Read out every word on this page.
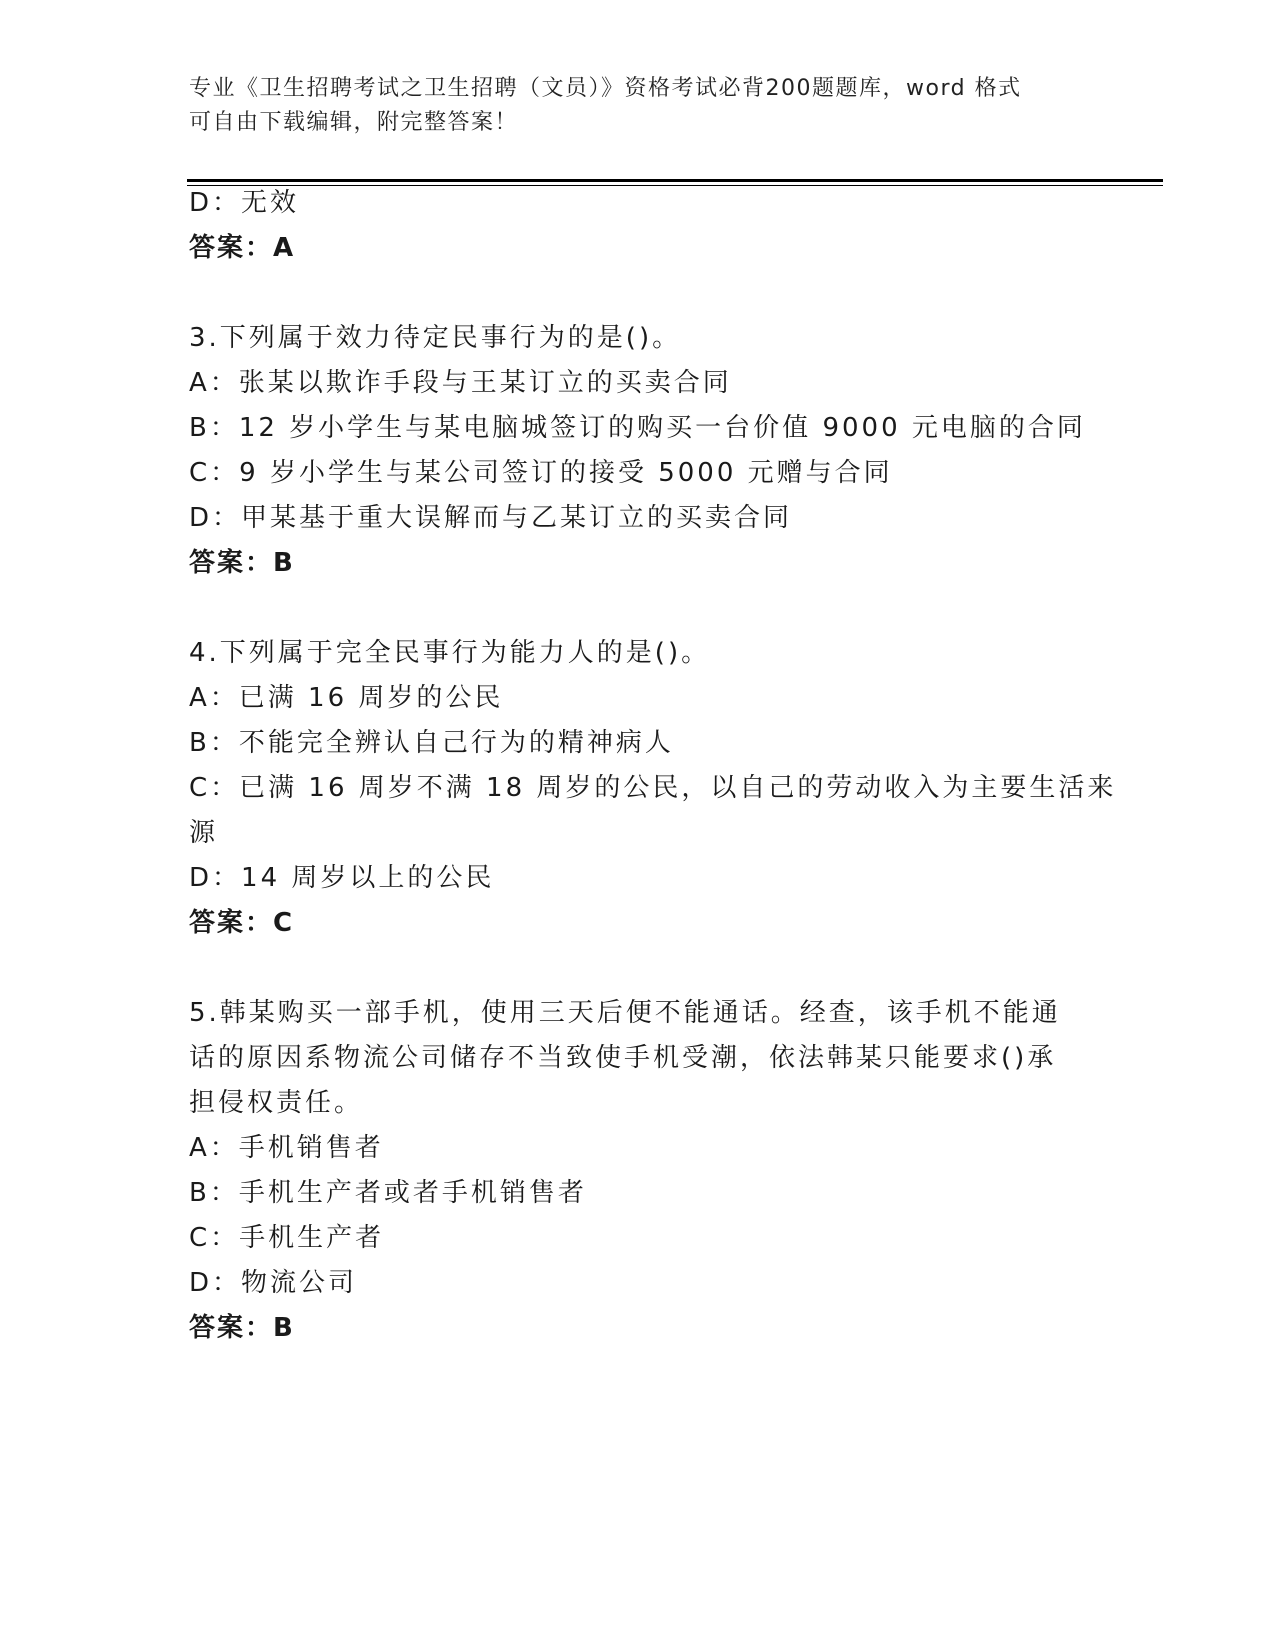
专业《卫生招聘考试之卫生招聘（文员）》资格考试必背200题题库，word 格式
可自由下载编辑，附完整答案！
D：无效
答案：A
3.下列属于效力待定民事行为的是()。
A：张某以欺诈手段与王某订立的买卖合同
B：12 岁小学生与某电脑城签订的购买一台价值 9000 元电脑的合同
C：9 岁小学生与某公司签订的接受 5000 元赠与合同
D：甲某基于重大误解而与乙某订立的买卖合同
答案：B
4.下列属于完全民事行为能力人的是()。
A：已满 16 周岁的公民
B：不能完全辨认自己行为的精神病人
C：已满 16 周岁不满 18 周岁的公民，以自己的劳动收入为主要生活来
源
D：14 周岁以上的公民
答案：C
5.韩某购买一部手机，使用三天后便不能通话。经查，该手机不能通
话的原因系物流公司储存不当致使手机受潮，依法韩某只能要求()承
担侵权责任。
A：手机销售者
B：手机生产者或者手机销售者
C：手机生产者
D：物流公司
答案：B
